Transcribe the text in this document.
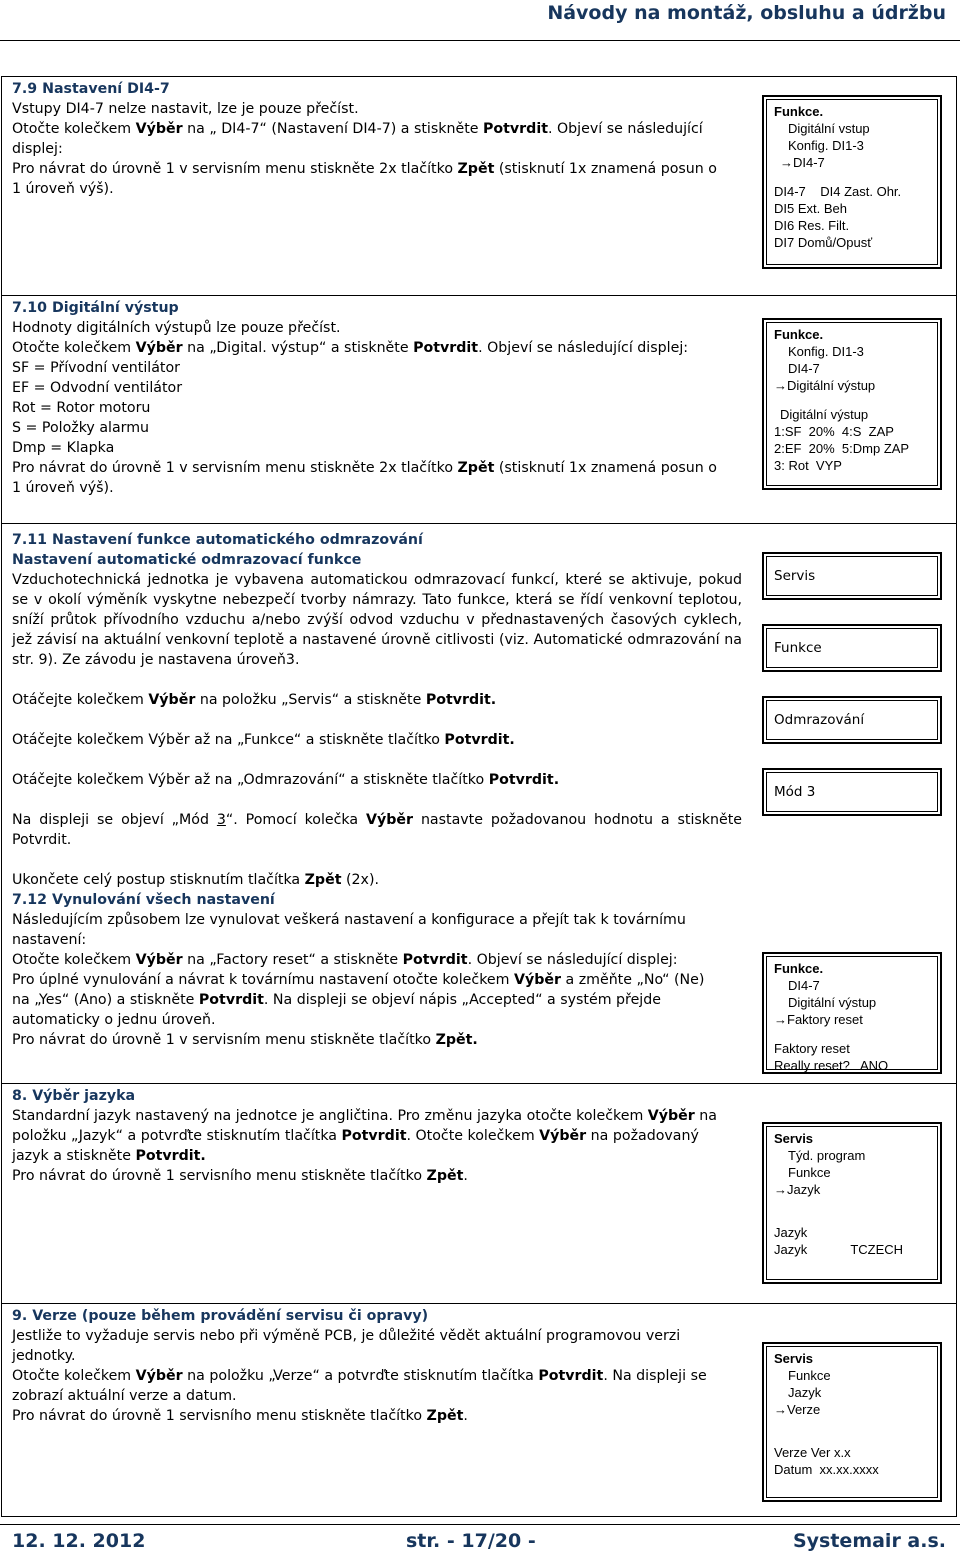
Návody na montáž, obsluhu a údržbu
7.9 Nastavení DI4-7
Vstupy DI4-7 nelze nastavit, lze je pouze přečíst.
Otočte kolečkem Výběr na „ DI4-7“ (Nastavení DI4-7) a stiskněte Potvrdit. Objeví se následující
displej:
Pro návrat do úrovně 1 v servisním menu stiskněte 2x tlačítko Zpět (stisknutí 1x znamená posun o
1 úroveň výš).
Funkce.
Digitální vstup
Konfig. DI1-3
→DI4-7
DI4-7    DI4 Zast. Ohr.
DI5 Ext. Beh
DI6 Res. Filt.
DI7 Domů/Opusť
7.10 Digitální výstup
Hodnoty digitálních výstupů lze pouze přečíst.
Otočte kolečkem Výběr na „Digital. výstup“ a stiskněte Potvrdit. Objeví se následující displej:
SF = Přívodní ventilátor
EF = Odvodní ventilátor
Rot = Rotor motoru
S = Položky alarmu
Dmp = Klapka
Pro návrat do úrovně 1 v servisním menu stiskněte 2x tlačítko Zpět (stisknutí 1x znamená posun o
1 úroveň výš).
Funkce.
Konfig. DI1-3
DI4-7
→Digitální výstup
Digitální výstup
1:SF  20%  4:S  ZAP
2:EF  20%  5:Dmp ZAP
3: Rot  VYP
7.11 Nastavení funkce automatického odmrazování
Nastavení automatické odmrazovací funkce

Vzduchotechnická jednotka je vybavena automatickou odmrazovací funkcí, které se aktivuje, pokud se v okolí výměník vyskytne nebezpečí tvorby námrazy. Tato funkce, která se řídí venkovní teplotou, sníží průtok přívodního vzduchu a/nebo zvýší odvod vzduchu v přednastavených časových cyklech, jež závisí na aktuální venkovní teplotě a nastavené úrovně citlivosti (viz. Automatické odmrazování na str. 9). Ze závodu je nastavena úroveň3.

Otáčejte kolečkem Výběr na položku „Servis“ a stiskněte Potvrdit.

Otáčejte kolečkem Výběr až na „Funkce“ a stiskněte tlačítko Potvrdit.

Otáčejte kolečkem Výběr až na „Odmrazování“ a stiskněte tlačítko Potvrdit.

Na displeji se objeví „Mód 3“. Pomocí kolečka Výběr nastavte požadovanou hodnotu a stiskněte Potvrdit.

Ukončete celý postup stisknutím tlačítka Zpět (2x).

7.12 Vynulování všech nastavení
Následujícím způsobem lze vynulovat veškerá nastavení a konfigurace a přejít tak k továrnímu
nastavení:
Otočte kolečkem Výběr na „Factory reset“ a stiskněte Potvrdit. Objeví se následující displej:
Pro úplné vynulování a návrat k továrnímu nastavení otočte kolečkem Výběr a změňte „No“ (Ne)
na „Yes“ (Ano) a stiskněte Potvrdit. Na displeji se objeví nápis „Accepted“ a systém přejde
automaticky o jednu úroveň.
Pro návrat do úrovně 1 v servisním menu stiskněte tlačítko Zpět.
Servis
Funkce
Odmrazování
Mód 3
Funkce.
DI4-7
Digitální výstup
→Faktory reset
Faktory reset
Really reset?   ANO
8. Výběr jazyka
Standardní jazyk nastavený na jednotce je angličtina. Pro změnu jazyka otočte kolečkem Výběr na
položku „Jazyk“ a potvrďte stisknutím tlačítka Potvrdit. Otočte kolečkem Výběr na požadovaný
jazyk a stiskněte Potvrdit.
Pro návrat do úrovně 1 servisního menu stiskněte tlačítko Zpět.
Servis
Týd. program
Funkce
→Jazyk
Jazyk
Jazyk            TCZECH
9. Verze (pouze během provádění servisu či opravy)
Jestliže to vyžaduje servis nebo při výměně PCB, je důležité vědět aktuální programovou verzi
jednotky.
Otočte kolečkem Výběr na položku „Verze“ a potvrďte stisknutím tlačítka Potvrdit. Na displeji se
zobrazí aktuální verze a datum.
Pro návrat do úrovně 1 servisního menu stiskněte tlačítko Zpět.
Servis
Funkce
Jazyk
→Verze
Verze Ver x.x
Datum  xx.xx.xxxx
12. 12. 2012	str. - 17/20 -	Systemair a.s.
